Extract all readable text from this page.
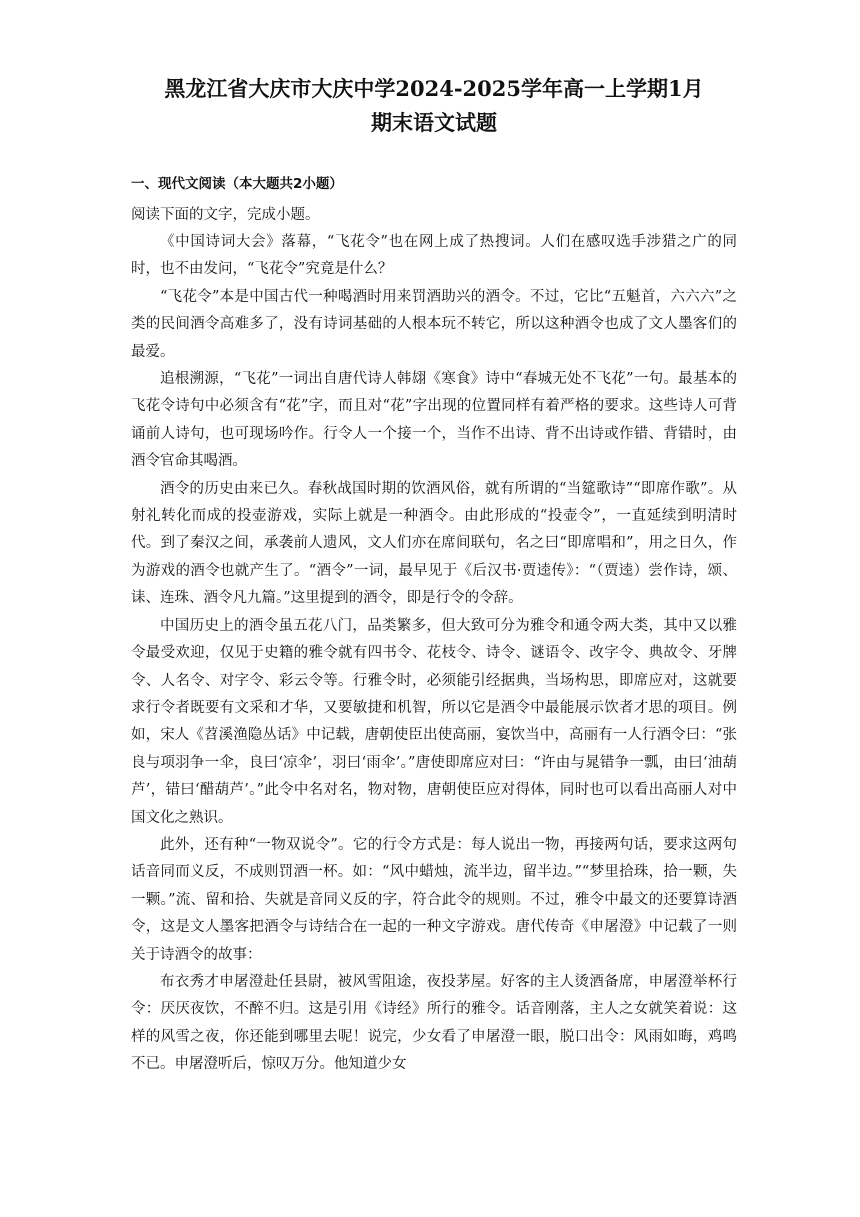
黑龙江省大庆市大庆中学2024-2025学年高一上学期1月
期末语文试题
一、现代文阅读（本大题共2小题）

阅读下面的文字，完成小题。

《中国诗词大会》落幕，“飞花令”也在网上成了热搜词。人们在感叹选手涉猎之广的同时，也不由发问，“飞花令”究竟是什么？

“飞花令”本是中国古代一种喝酒时用来罚酒助兴的酒令。不过，它比“五魁首，六六六”之类的民间酒令高难多了，没有诗词基础的人根本玩不转它，所以这种酒令也成了文人墨客们的最爱。

追根溯源，“飞花”一词出自唐代诗人韩翃《寒食》诗中“春城无处不飞花”一句。最基本的飞花令诗句中必须含有“花”字，而且对“花”字出现的位置同样有着严格的要求。这些诗人可背诵前人诗句，也可现场吟作。行令人一个接一个，当作不出诗、背不出诗或作错、背错时，由酒令官命其喝酒。

酒令的历史由来已久。春秋战国时期的饮酒风俗，就有所谓的“当筵歌诗”“即席作歌”。从射礼转化而成的投壶游戏，实际上就是一种酒令。由此形成的“投壶令”，一直延续到明清时代。到了秦汉之间，承袭前人遗风，文人们亦在席间联句，名之曰“即席唱和”，用之日久，作为游戏的酒令也就产生了。“酒令”一词，最早见于《后汉书·贾逵传》：“（贾逵）尝作诗，颂、诔、连珠、酒令凡九篇。”这里提到的酒令，即是行令的令辞。

中国历史上的酒令虽五花八门，品类繁多，但大致可分为雅令和通令两大类，其中又以雅令最受欢迎，仅见于史籍的雅令就有四书令、花枝令、诗令、谜语令、改字令、典故令、牙牌令、人名令、对字令、彩云令等。行雅令时，必须能引经据典，当场构思，即席应对，这就要求行令者既要有文采和才华，又要敏捷和机智，所以它是酒令中最能展示饮者才思的项目。例如，宋人《苕溪渔隐丛话》中记载，唐朝使臣出使高丽，宴饮当中，高丽有一人行酒令曰：“张良与项羽争一伞，良曰‘凉伞’，羽曰‘雨伞’。”唐使即席应对曰：“许由与晁错争一瓢，由曰‘油葫芦’，错曰‘醋葫芦’。”此令中名对名，物对物，唐朝使臣应对得体，同时也可以看出高丽人对中国文化之熟识。

此外，还有种“一物双说令”。它的行令方式是：每人说出一物，再接两句话，要求这两句话音同而义反，不成则罚酒一杯。如：“风中蜡烛，流半边，留半边。”“梦里拾珠，拾一颗，失一颗。”流、留和拾、失就是音同义反的字，符合此令的规则。不过，雅令中最文的还要算诗酒令，这是文人墨客把酒令与诗结合在一起的一种文字游戏。唐代传奇《申屠澄》中记载了一则关于诗酒令的故事：

布衣秀才申屠澄赴任县尉，被风雪阻途，夜投茅屋。好客的主人烫酒备席，申屠澄举杯行令：厌厌夜饮，不醉不归。这是引用《诗经》所行的雅令。话音刚落，主人之女就笑着说：这样的风雪之夜，你还能到哪里去呢！说完，少女看了申屠澄一眼，脱口出令：风雨如晦，鸡鸣不已。申屠澄听后，惊叹万分。他知道少女
